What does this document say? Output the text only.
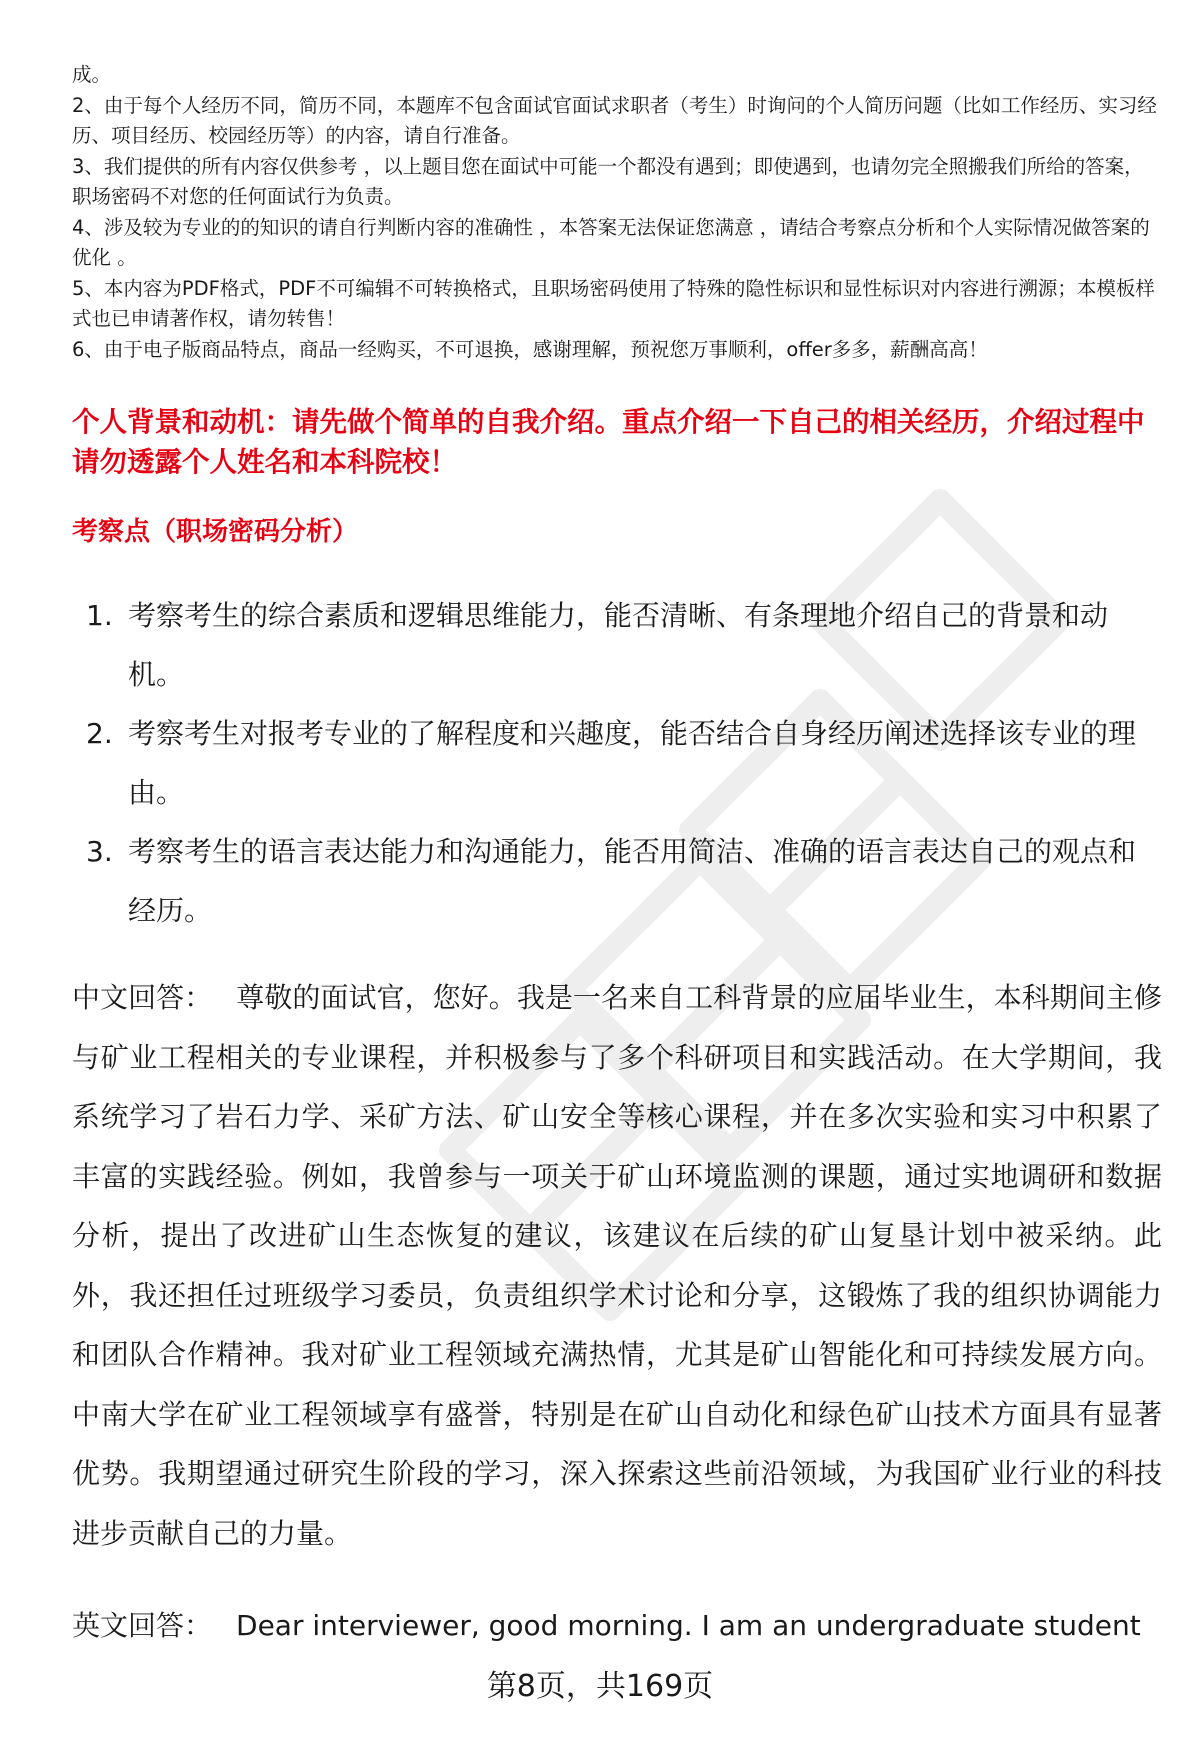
成。

2、由于每个人经历不同，简历不同，本题库不包含面试官面试求职者（考生）时询问的个人简历问题（比如工作经历、实习经历、项目经历、校园经历等）的内容，请自行准备。

3、我们提供的所有内容仅供参考 ，以上题目您在面试中可能一个都没有遇到；即使遇到，也请勿完全照搬我们所给的答案，职场密码不对您的任何面试行为负责。

4、涉及较为专业的的知识的请自行判断内容的准确性 ，本答案无法保证您满意 ，请结合考察点分析和个人实际情况做答案的优化 。

5、本内容为PDF格式，PDF不可编辑不可转换格式，且职场密码使用了特殊的隐性标识和显性标识对内容进行溯源；本模板样式也已申请著作权，请勿转售！

6、由于电子版商品特点，商品一经购买，不可退换，感谢理解，预祝您万事顺利，offer多多，薪酬高高！

个人背景和动机：请先做个简单的自我介绍。重点介绍一下自己的相关经历，介绍过程中请勿透露个人姓名和本科院校！
考察点（职场密码分析）
1. 考察考生的综合素质和逻辑思维能力，能否清晰、有条理地介绍自己的背景和动机。
2. 考察考生对报考专业的了解程度和兴趣度，能否结合自身经历阐述选择该专业的理由。
3. 考察考生的语言表达能力和沟通能力，能否用简洁、准确的语言表达自己的观点和经历。

中文回答： 尊敬的面试官，您好。我是一名来自工科背景的应届毕业生，本科期间主修与矿业工程相关的专业课程，并积极参与了多个科研项目和实践活动。在大学期间，我系统学习了岩石力学、采矿方法、矿山安全等核心课程，并在多次实验和实习中积累了丰富的实践经验。例如，我曾参与一项关于矿山环境监测的课题，通过实地调研和数据分析，提出了改进矿山生态恢复的建议，该建议在后续的矿山复垦计划中被采纳。此外，我还担任过班级学习委员，负责组织学术讨论和分享，这锻炼了我的组织协调能力和团队合作精神。我对矿业工程领域充满热情，尤其是矿山智能化和可持续发展方向。中南大学在矿业工程领域享有盛誉，特别是在矿山自动化和绿色矿山技术方面具有显著优势。我期望通过研究生阶段的学习，深入探索这些前沿领域，为我国矿业行业的科技进步贡献自己的力量。

英文回答： Dear interviewer, good morning. I am an undergraduate student

第8页，共169页
